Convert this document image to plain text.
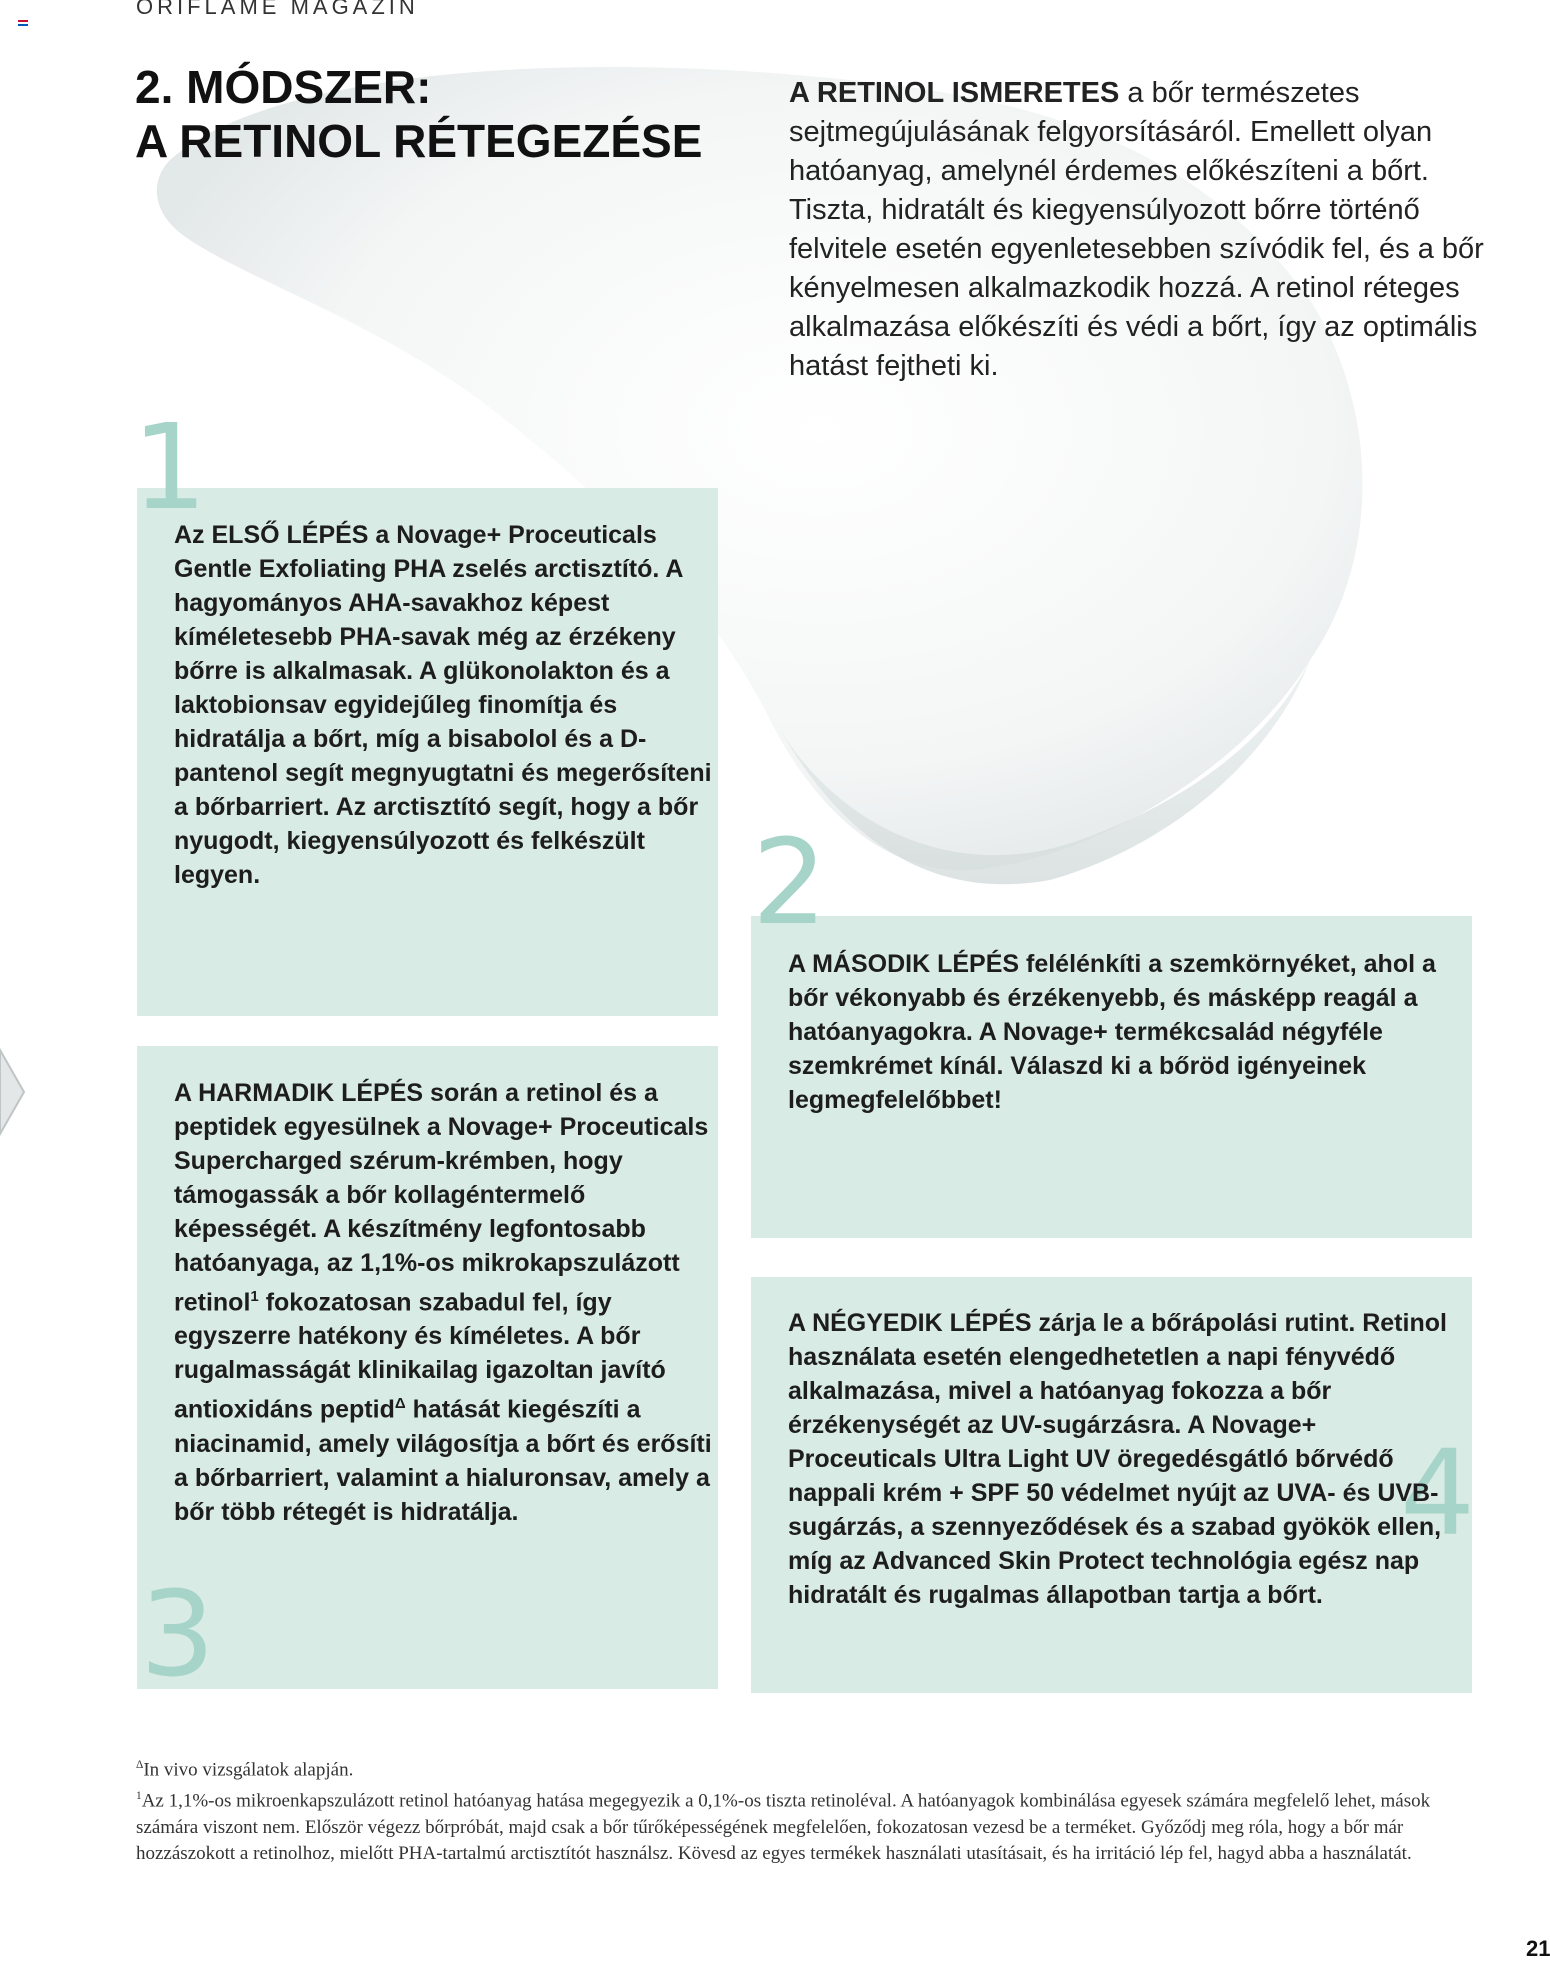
ORIFLAME MAGAZIN
2. MÓDSZER:
A RETINOL RÉTEGEZÉSE
A RETINOL ISMERETES a bőr természetes sejtmegújulásának felgyorsításáról. Emellett olyan hatóanyag, amelynél érdemes előkészíteni a bőrt. Tiszta, hidratált és kiegyensúlyozott bőrre történő felvitele esetén egyenletesebben szívódik fel, és a bőr kényelmesen alkalmazkodik hozzá. A retinol réteges alkalmazása előkészíti és védi a bőrt, így az optimális hatást fejtheti ki.
1
2
3
4
Az ELSŐ LÉPÉS a Novage+ Proceuticals Gentle Exfoliating PHA zselés arctisztító. A hagyományos AHA-savakhoz képest kíméletesebb PHA-savak még az érzékeny bőrre is alkalmasak. A glükonolakton és a laktobionsav egyidejűleg finomítja és hidratálja a bőrt, míg a bisabolol és a D-pantenol segít megnyugtatni és megerősíteni a bőrbarriert. Az arctisztító segít, hogy a bőr nyugodt, kiegyensúlyozott és felkészült legyen.
A MÁSODIK LÉPÉS felélénkíti a szemkörnyéket, ahol a bőr vékonyabb és érzékenyebb, és másképp reagál a hatóanyagokra. A Novage+ termékcsalád négyféle szemkrémet kínál. Válaszd ki a bőröd igényeinek legmegfelelőbbet!
A HARMADIK LÉPÉS során a retinol és a peptidek egyesülnek a Novage+ Proceuticals Supercharged szérum-krémben, hogy támogassák a bőr kollagéntermelő képességét. A készítmény legfontosabb hatóanyaga, az 1,1%-os mikrokapszulázott retinol$^1$ fokozatosan szabadul fel, így egyszerre hatékony és kíméletes. A bőr rugalmasságát klinikailag igazoltan javító antioxidáns peptid$^\Delta$ hatását kiegészíti a niacinamid, amely világosítja a bőrt és erősíti a bőrbarriert, valamint a hialuronsav, amely a bőr több rétegét is hidratálja.
A NÉGYEDIK LÉPÉS zárja le a bőrápolási rutint. Retinol használata esetén elengedhetetlen a napi fényvédő alkalmazása, mivel a hatóanyag fokozza a bőr érzékenységét az UV-sugárzásra. A Novage+ Proceuticals Ultra Light UV öregedésgátló bőrvédő nappali krém + SPF 50 védelmet nyújt az UVA- és UVB-sugárzás, a szennyeződések és a szabad gyökök ellen, míg az Advanced Skin Protect technológia egész nap hidratált és rugalmas állapotban tartja a bőrt.

$^\Delta$In vivo vizsgálatok alapján.

$^1$Az 1,1%-os mikroenkapszulázott retinol hatóanyag hatása megegyezik a 0,1%-os tiszta retinoléval. A hatóanyagok kombinálása egyesek számára megfelelő lehet, mások számára viszont nem. Először végezz bőrpróbát, majd csak a bőr tűrőképességének megfelelően, fokozatosan vezesd be a terméket. Győződj meg róla, hogy a bőr már hozzászokott a retinolhoz, mielőtt PHA-tartalmú arctisztítót használsz. Kövesd az egyes termékek használati utasításait, és ha irritáció lép fel, hagyd abba a használatát.

21
